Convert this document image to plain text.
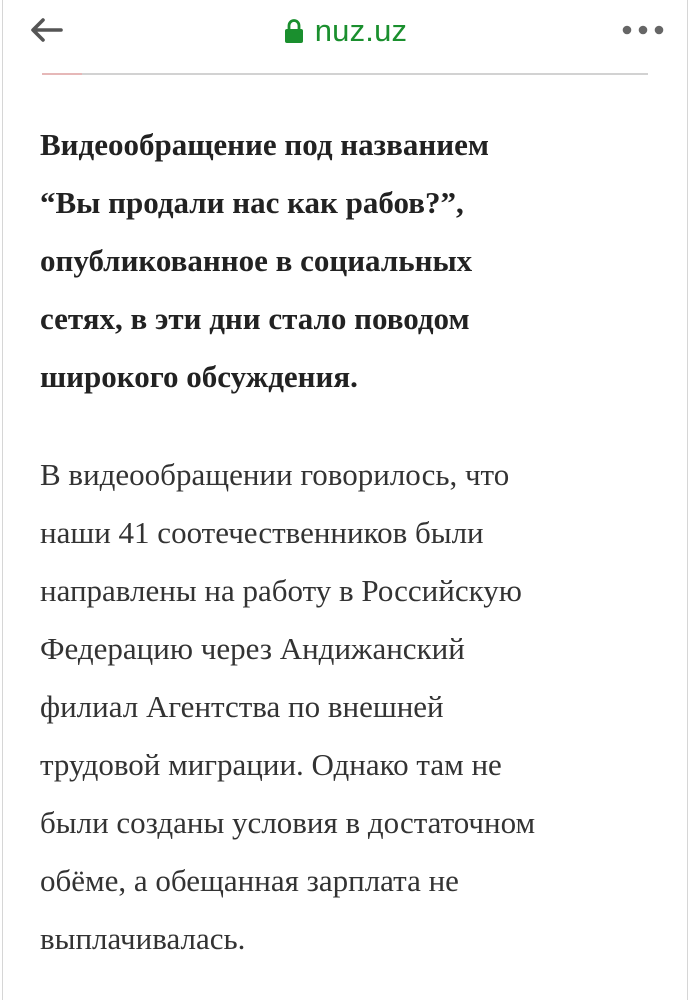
nuz.uz

Видеообращение под названием
“Вы продали нас как рабов?”,
опубликованное в социальных
сетях, в эти дни стало поводом
широкого обсуждения.

В видеообращении говорилось, что
наши 41 соотечественников были
направлены на работу в Российскую
Федерацию через Андижанский
филиал Агентства по внешней
трудовой миграции. Однако там не
были созданы условия в достаточном
обёме, а обещанная зарплата не
выплачивалась.
